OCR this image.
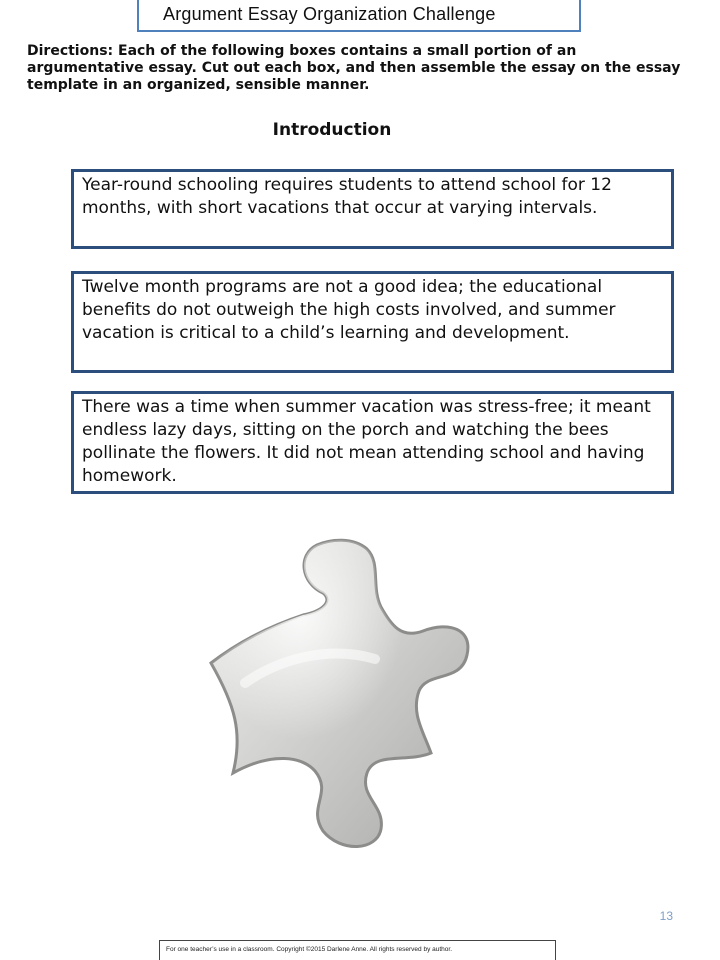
Argument Essay Organization Challenge
Directions: Each of the following boxes contains a small portion of an argumentative essay. Cut out each box, and then assemble the essay on the essay template in an organized, sensible manner.
Introduction
Year-round schooling requires students to attend school for 12 months, with short vacations that occur at varying intervals.
Twelve month programs are not a good idea; the educational benefits do not outweigh the high costs involved, and summer vacation is critical to a child’s learning and development.
There was a time when summer vacation was stress-free; it meant endless lazy days, sitting on the porch and watching the bees pollinate the flowers. It did not mean attending school and having homework.
13
For one teacher’s use in a classroom. Copyright ©2015 Darlene Anne. All rights reserved by author.
